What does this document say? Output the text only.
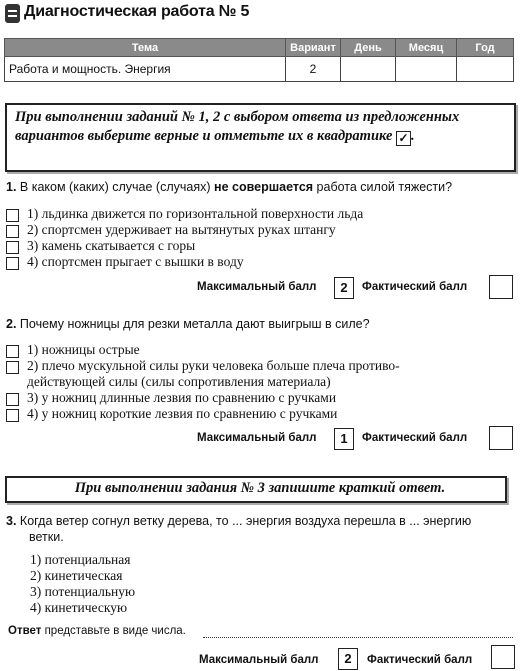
Диагностическая работа № 5
Тема	Вариант	День	Месяц	Год
Работа и мощность. Энергия	2			
При выполнении заданий № 1, 2 с выбором ответа из предложенных вариантов выберите верные и отметьте их в квадратике ✓ .
1. В каком (каких) случае (случаях) не совершается работа силой тяжести?
1) льдинка движется по горизонтальной поверхности льда
2) спортсмен удерживает на вытянутых руках штангу
3) камень скатывается с горы
4) спортсмен прыгает с вышки в воду
Максимальный балл	2	Фактический балл
2. Почему ножницы для резки металла дают выигрыш в силе?
1) ножницы острые
2) плечо мускульной силы руки человека больше плеча противо-
действующей силы (силы сопротивления материала)
3) у ножниц длинные лезвия по сравнению с ручками
4) у ножниц короткие лезвия по сравнению с ручками
Максимальный балл	1	Фактический балл
При выполнении задания № 3 запишите краткий ответ.
3. Когда ветер согнул ветку дерева, то ... энергия воздуха перешла в ... энергию
ветки.
1) потенциальная
2) кинетическая
3) потенциальную
4) кинетическую
Ответ представьте в виде числа.
Максимальный балл	2	Фактический балл
